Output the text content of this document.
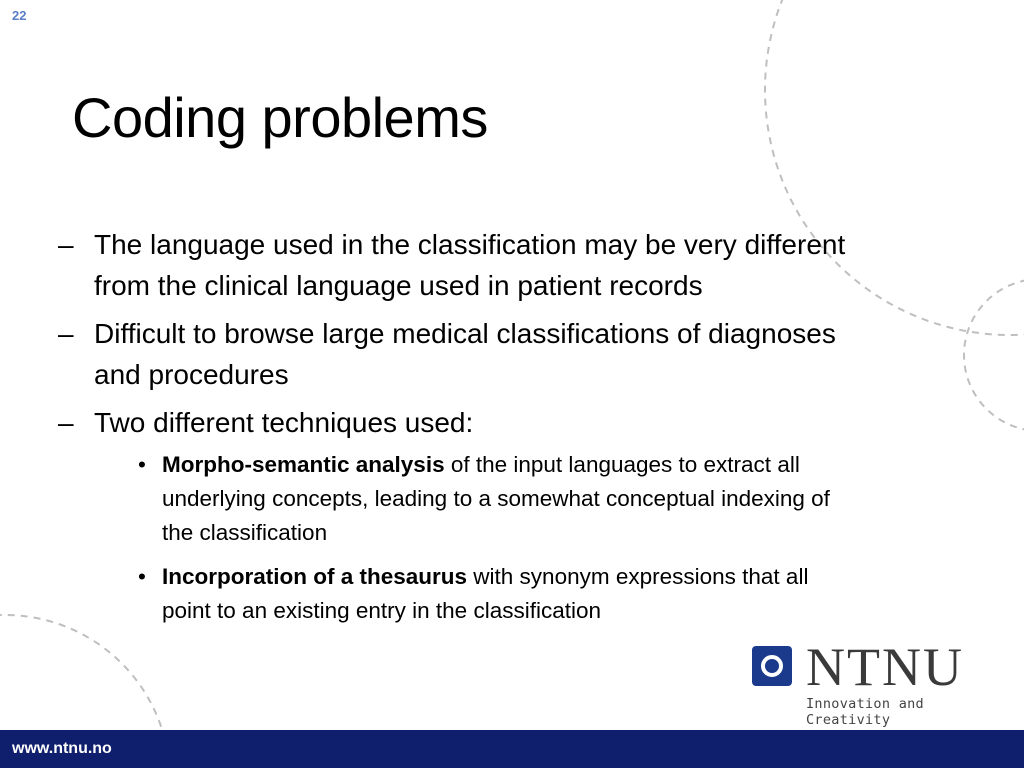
22
Coding problems
– The language used in the classification may be very different from the clinical language used in patient records
– Difficult to browse large medical classifications of diagnoses and procedures
– Two different techniques used:
• Morpho-semantic analysis of the input languages to extract all underlying concepts, leading to a somewhat conceptual indexing of the classification
• Incorporation of a thesaurus with synonym expressions that all point to an existing entry in the classification
NTNU
Innovation and Creativity
www.ntnu.no
